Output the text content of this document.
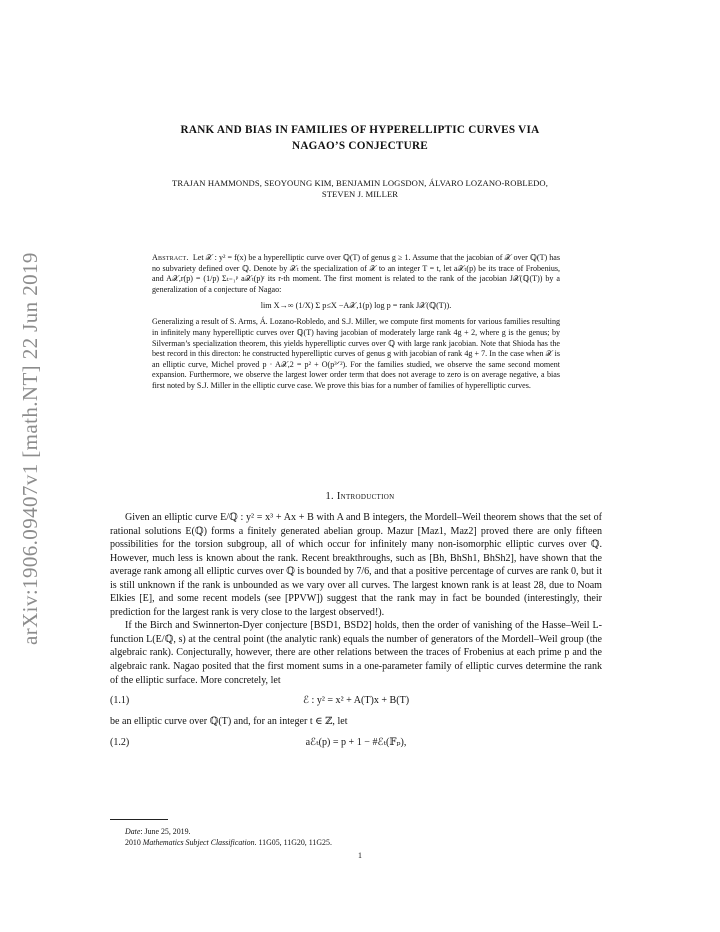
arXiv:1906.09407v1 [math.NT] 22 Jun 2019
RANK AND BIAS IN FAMILIES OF HYPERELLIPTIC CURVES VIA
NAGAO’S CONJECTURE
TRAJAN HAMMONDS, SEOYOUNG KIM, BENJAMIN LOGSDON, ÁLVARO LOZANO-ROBLEDO,
STEVEN J. MILLER

Abstract. Let 𝒳 : y² = f(x) be a hyperelliptic curve over ℚ(T) of genus g ≥ 1. Assume that the jacobian of 𝒳 over ℚ(T) has no subvariety defined over ℚ. Denote by 𝒳ₜ the specialization of 𝒳 to an integer T = t, let a𝒳ₜ(p) be its trace of Frobenius, and A𝒳,r(p) = (1/p) Σₜ₌₁ᵖ a𝒳ₜ(p)ʳ its r-th moment. The first moment is related to the rank of the jacobian J𝒳(ℚ(T)) by a generalization of a conjecture of Nagao:

lim X→∞ (1/X) Σ p≤X −A𝒳,1(p) log p = rank J𝒳(ℚ(T)).

Generalizing a result of S. Arms, Á. Lozano-Robledo, and S.J. Miller, we compute first moments for various families resulting in infinitely many hyperelliptic curves over ℚ(T) having jacobian of moderately large rank 4g + 2, where g is the genus; by Silverman’s specialization theorem, this yields hyperelliptic curves over ℚ with large rank jacobian. Note that Shioda has the best record in this directon: he constructed hyperelliptic curves of genus g with jacobian of rank 4g + 7. In the case when 𝒳 is an elliptic curve, Michel proved p · A𝒳,2 = p² + O(p³ᐟ²). For the families studied, we observe the same second moment expansion. Furthermore, we observe the largest lower order term that does not average to zero is on average negative, a bias first noted by S.J. Miller in the elliptic curve case. We prove this bias for a number of families of hyperelliptic curves.

1. Introduction

Given an elliptic curve E/ℚ : y² = x³ + Ax + B with A and B integers, the Mordell–Weil theorem shows that the set of rational solutions E(ℚ) forms a finitely generated abelian group. Mazur [Maz1, Maz2] proved there are only fifteen possibilities for the torsion subgroup, all of which occur for infinitely many non-isomorphic elliptic curves over ℚ. However, much less is known about the rank. Recent breakthroughs, such as [Bh, BhSh1, BhSh2], have shown that the average rank among all elliptic curves over ℚ is bounded by 7/6, and that a positive percentage of curves are rank 0, but it is still unknown if the rank is unbounded as we vary over all curves. The largest known rank is at least 28, due to Noam Elkies [E], and some recent models (see [PPVW]) suggest that the rank may in fact be bounded (interestingly, their prediction for the largest rank is very close to the largest observed!).

If the Birch and Swinnerton-Dyer conjecture [BSD1, BSD2] holds, then the order of vanishing of the Hasse–Weil L-function L(E/ℚ, s) at the central point (the analytic rank) equals the number of generators of the Mordell–Weil group (the algebraic rank). Conjecturally, however, there are other relations between the traces of Frobenius at each prime p and the algebraic rank. Nagao posited that the first moment sums in a one-parameter family of elliptic curves determine the rank of the elliptic surface. More concretely, let

(1.1)	ℰ : y² = x² + A(T)x + B(T)

be an elliptic curve over ℚ(T) and, for an integer t ∈ ℤ, let

(1.2)	aℰₜ(p) = p + 1 − #ℰₜ(𝔽ₚ),
Date: June 25, 2019.
2010 Mathematics Subject Classification. 11G05, 11G20, 11G25.
1
